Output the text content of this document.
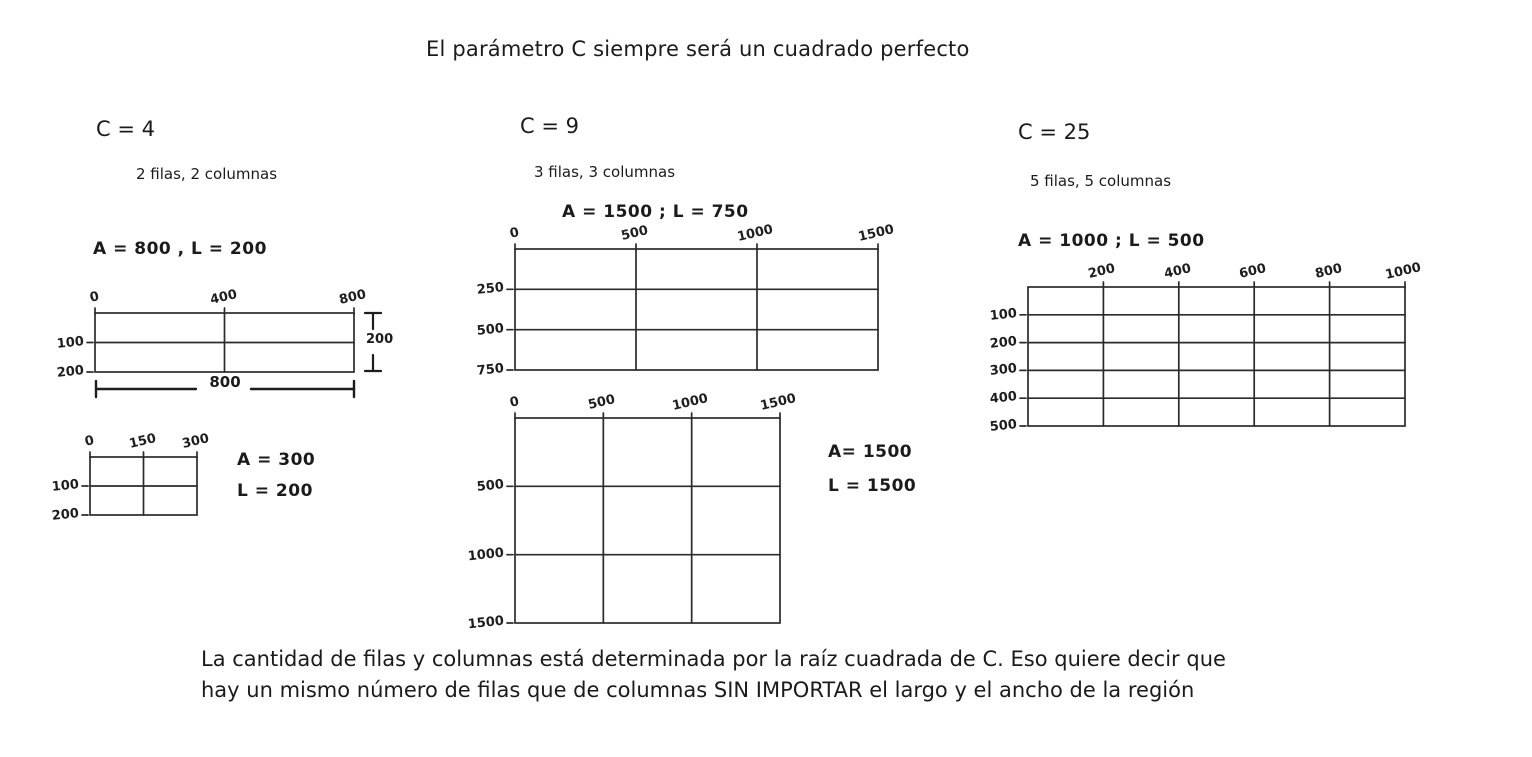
El parámetro C siempre será un cuadrado perfecto
C = 4
2 filas, 2 columnas
A = 800 , L = 200
0	400	800
100
200
200
800
0 150 300
100
200
A = 300
L = 200
C = 9
3 filas, 3 columnas
A = 1500 ; L = 750
0	500	1000	1500
250
500
750
0	500	1000	1500
500
1000
1500
A= 1500
L = 1500
C = 25
5 filas, 5 columnas
A = 1000 ; L = 500
200	400	600	800	1000
100
200
300
400
500
La cantidad de filas y columnas está determinada por la raíz cuadrada de C. Eso quiere decir que
hay un mismo número de filas que de columnas SIN IMPORTAR el largo y el ancho de la región
